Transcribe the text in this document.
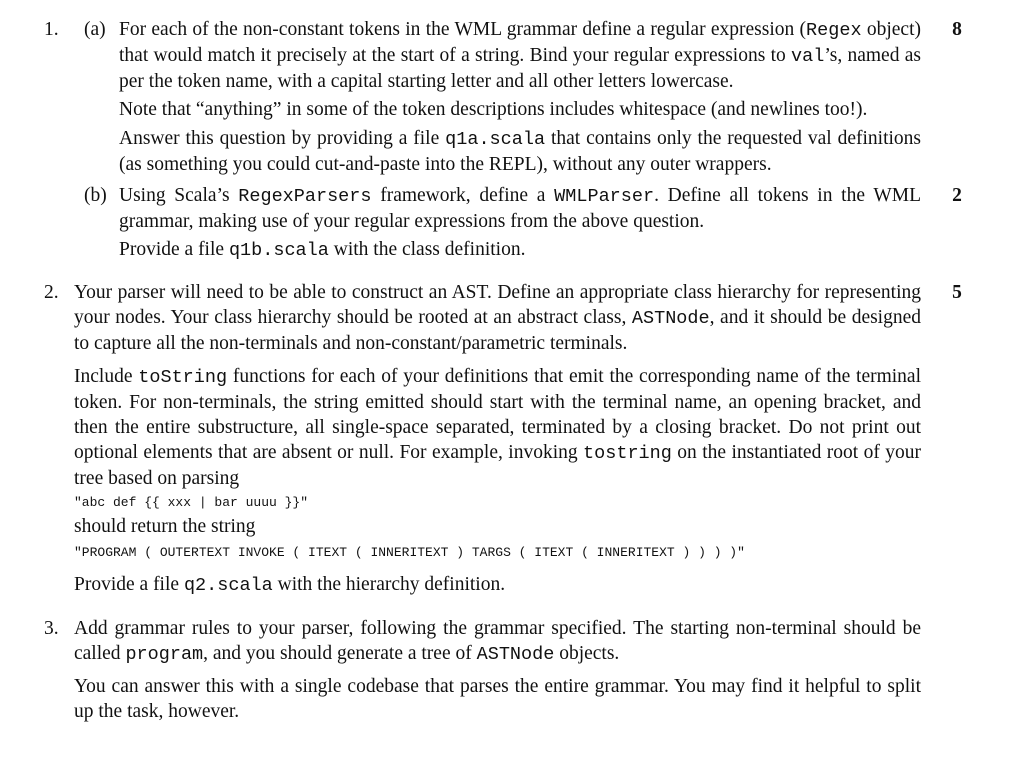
1. (a)	8

For each of the non-constant tokens in the WML grammar define a regular expression (Regex object) that would match it precisely at the start of a string. Bind your regular expressions to val’s, named as per the token name, with a capital starting letter and all other letters lowercase.

Note that “anything” in some of the token descriptions includes whitespace (and newlines too!).

Answer this question by providing a file q1a.scala that contains only the requested val definitions (as something you could cut-and-paste into the REPL), without any outer wrappers.

(b)	2

Using Scala’s RegexParsers framework, define a WMLParser. Define all tokens in the WML grammar, making use of your regular expressions from the above question.

Provide a file q1b.scala with the class definition.

2.	5

Your parser will need to be able to construct an AST. Define an appropriate class hierarchy for representing your nodes. Your class hierarchy should be rooted at an abstract class, ASTNode, and it should be designed to capture all the non-terminals and non-constant/parametric terminals.

Include toString functions for each of your definitions that emit the corresponding name of the terminal token. For non-terminals, the string emitted should start with the terminal name, an opening bracket, and then the entire substructure, all single-space separated, terminated by a closing bracket. Do not print out optional elements that are absent or null. For example, invoking tostring on the instantiated root of your tree based on parsing

"abc def {{ xxx | bar uuuu }}"

should return the string

"PROGRAM ( OUTERTEXT INVOKE ( ITEXT ( INNERITEXT ) TARGS ( ITEXT ( INNERITEXT ) ) ) )"

Provide a file q2.scala with the hierarchy definition.

3. Add grammar rules to your parser, following the grammar specified. The starting non-terminal should be called program, and you should generate a tree of ASTNode objects.

You can answer this with a single codebase that parses the entire grammar. You may find it helpful to split up the task, however.
